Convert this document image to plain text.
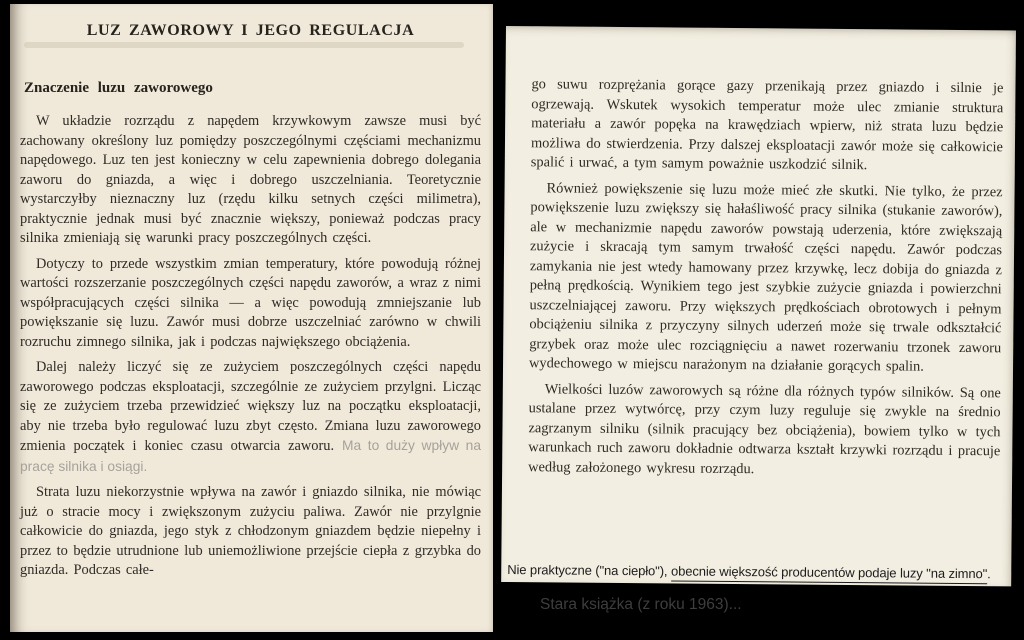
LUZ ZAWOROWY I JEGO REGULACJA
Znaczenie luzu zaworowego

W układzie rozrządu z napędem krzywkowym zawsze musi być zachowany określony luz pomiędzy poszczególnymi częściami mechanizmu napędowego. Luz ten jest konieczny w celu zapewnienia dobrego dolegania zaworu do gniazda, a więc i dobrego uszczelniania. Teoretycznie wystarczyłby nieznaczny luz (rzędu kilku setnych części milimetra), praktycznie jednak musi być znacznie większy, ponieważ podczas pracy silnika zmieniają się warunki pracy poszczególnych części.

Dotyczy to przede wszystkim zmian temperatury, które powodują różnej wartości rozszerzanie poszczególnych części napędu zaworów, a wraz z nimi współpracujących części silnika — a więc powodują zmniejszanie lub powiększanie się luzu. Zawór musi dobrze uszczelniać zarówno w chwili rozruchu zimnego silnika, jak i podczas największego obciążenia.

Dalej należy liczyć się ze zużyciem poszczególnych części napędu zaworowego podczas eksploatacji, szczególnie ze zużyciem przylgni. Licząc się ze zużyciem trzeba przewidzieć większy luz na początku eksploatacji, aby nie trzeba było regulować luzu zbyt często. Zmiana luzu zaworowego zmienia początek i koniec czasu otwarcia zaworu. Ma to duży wpływ na pracę silnika i osiągi.

Strata luzu niekorzystnie wpływa na zawór i gniazdo silnika, nie mówiąc już o stracie mocy i zwiększonym zużyciu paliwa. Zawór nie przylgnie całkowicie do gniazda, jego styk z chłodzonym gniazdem będzie niepełny i przez to będzie utrudnione lub uniemożliwione przejście ciepła z grzybka do gniazda. Podczas całe-

go suwu rozprężania gorące gazy przenikają przez gniazdo i silnie je ogrzewają. Wskutek wysokich temperatur może ulec zmianie struktura materiału a zawór popęka na krawędziach wpierw, niż strata luzu będzie możliwa do stwierdzenia. Przy dalszej eksploatacji zawór może się całkowicie spalić i urwać, a tym samym poważnie uszkodzić silnik.

Również powiększenie się luzu może mieć złe skutki. Nie tylko, że przez powiększenie luzu zwiększy się hałaśliwość pracy silnika (stukanie zaworów), ale w mechanizmie napędu zaworów powstają uderzenia, które zwiększają zużycie i skracają tym samym trwałość części napędu. Zawór podczas zamykania nie jest wtedy hamowany przez krzywkę, lecz dobija do gniazda z pełną prędkością. Wynikiem tego jest szybkie zużycie gniazda i powierzchni uszczelniającej zaworu. Przy większych prędkościach obrotowych i pełnym obciążeniu silnika z przyczyny silnych uderzeń może się trwale odkształcić grzybek oraz może ulec rozciągnięciu a nawet rozerwaniu trzonek zaworu wydechowego w miejscu narażonym na działanie gorących spalin.

Wielkości luzów zaworowych są różne dla różnych typów silników. Są one ustalane przez wytwórcę, przy czym luzy reguluje się zwykle na średnio zagrzanym silniku (silnik pracujący bez obciążenia), bowiem tylko w tych warunkach ruch zaworu dokładnie odtwarza kształt krzywki rozrządu i pracuje według założonego wykresu rozrządu.

Nie praktyczne ("na ciepło"), obecnie większość producentów podaje luzy "na zimno".
Stara książka (z roku 1963)...
